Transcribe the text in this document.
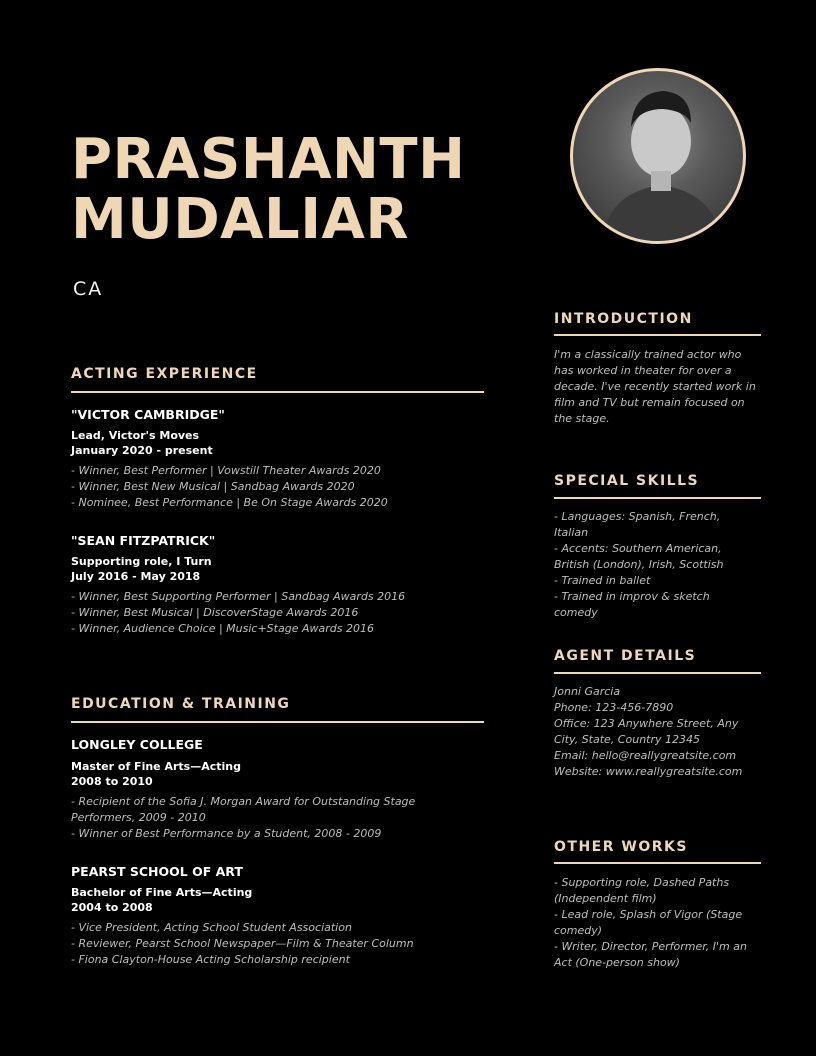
PRASHANTH
MUDALIAR
CA
ACTING EXPERIENCE
"VICTOR CAMBRIDGE"
Lead, Victor's Moves
January 2020 - present
- Winner, Best Performer | Vowstill Theater Awards 2020
- Winner, Best New Musical | Sandbag Awards 2020
- Nominee, Best Performance | Be On Stage Awards 2020
"SEAN FITZPATRICK"
Supporting role, I Turn
July 2016 - May 2018
- Winner, Best Supporting Performer | Sandbag Awards 2016
- Winner, Best Musical | DiscoverStage Awards 2016
- Winner, Audience Choice | Music+Stage Awards 2016
EDUCATION & TRAINING
LONGLEY COLLEGE
Master of Fine Arts—Acting
2008 to 2010
- Recipient of the Sofia J. Morgan Award for Outstanding Stage
Performers, 2009 - 2010
- Winner of Best Performance by a Student, 2008 - 2009
PEARST SCHOOL OF ART
Bachelor of Fine Arts—Acting
2004 to 2008
- Vice President, Acting School Student Association
- Reviewer, Pearst School Newspaper—Film & Theater Column
- Fiona Clayton-House Acting Scholarship recipient
INTRODUCTION
I'm a classically trained actor who has worked in theater for over a decade. I've recently started work in film and TV but remain focused on the stage.
SPECIAL SKILLS
- Languages: Spanish, French, Italian
- Accents: Southern American, British (London), Irish, Scottish
- Trained in ballet
- Trained in improv & sketch comedy
AGENT DETAILS
Jonni Garcia
Phone: 123-456-7890
Office: 123 Anywhere Street, Any City, State, Country 12345
Email: hello@reallygreatsite.com
Website: www.reallygreatsite.com
OTHER WORKS
- Supporting role, Dashed Paths (Independent film)
- Lead role, Splash of Vigor (Stage comedy)
- Writer, Director, Performer, I'm an Act (One-person show)
